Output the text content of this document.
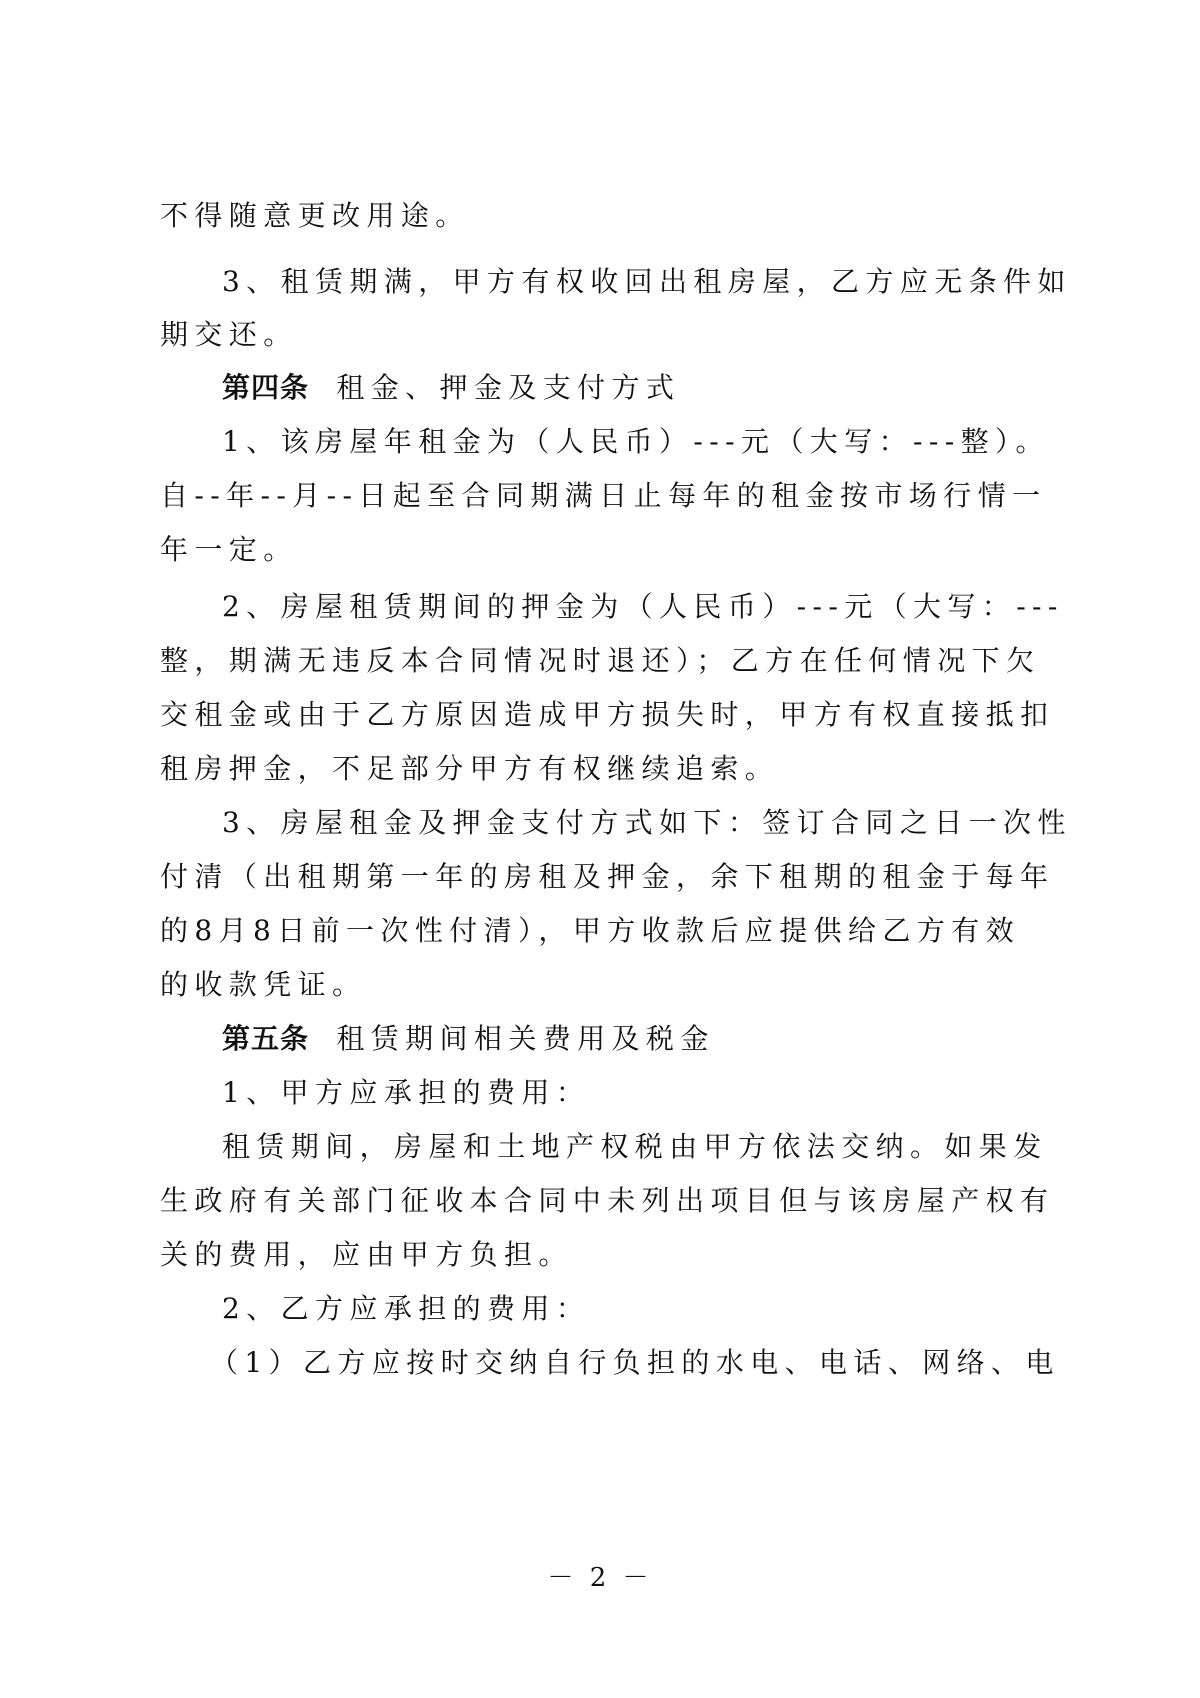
不得随意更改用途。
3、租赁期满，甲方有权收回出租房屋，乙方应无条件如
期交还。
第四条 租金、押金及支付方式
1、该房屋年租金为（人民币）---元（大写：---整）。
自--年--月--日起至合同期满日止每年的租金按市场行情一
年一定。
2、房屋租赁期间的押金为（人民币）---元（大写：---
整，期满无违反本合同情况时退还）；乙方在任何情况下欠
交租金或由于乙方原因造成甲方损失时，甲方有权直接抵扣
租房押金，不足部分甲方有权继续追索。
3、房屋租金及押金支付方式如下：签订合同之日一次性
付清（出租期第一年的房租及押金，余下租期的租金于每年
的8月8日前一次性付清），甲方收款后应提供给乙方有效
的收款凭证。
第五条 租赁期间相关费用及税金
1、甲方应承担的费用：
租赁期间，房屋和土地产权税由甲方依法交纳。如果发
生政府有关部门征收本合同中未列出项目但与该房屋产权有
关的费用，应由甲方负担。
2、乙方应承担的费用：
（1）乙方应按时交纳自行负担的水电、电话、网络、电
－ 2 －
